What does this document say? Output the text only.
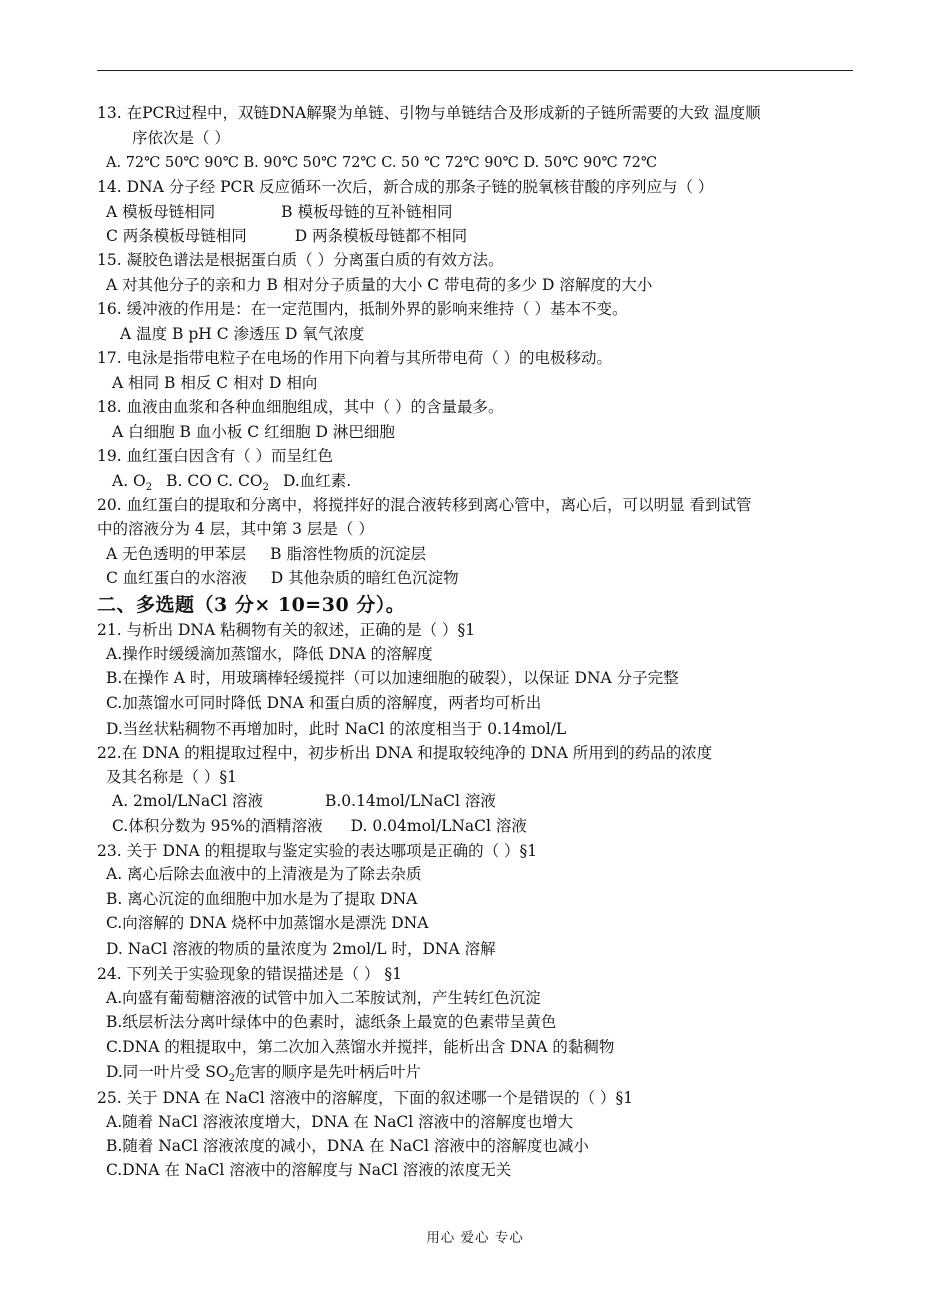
13. 在PCR过程中，双链DNA解聚为单链、引物与单链结合及形成新的子链所需要的大致 温度顺
序依次是（ ）
A. 72℃ 50℃ 90℃ B. 90℃ 50℃ 72℃ C. 50 ℃ 72℃ 90℃ D. 50℃ 90℃ 72℃
14. DNA 分子经 PCR 反应循环一次后，新合成的那条子链的脱氧核苷酸的序列应与（ ）
A 模板母链相同	B 模板母链的互补链相同
C 两条模板母链相同	D 两条模板母链都不相同
15. 凝胶色谱法是根据蛋白质（ ）分离蛋白质的有效方法。
A 对其他分子的亲和力 B 相对分子质量的大小 C 带电荷的多少 D 溶解度的大小
16. 缓冲液的作用是：在一定范围内，抵制外界的影响来维持（ ）基本不变。
A 温度 B pH C 渗透压 D 氧气浓度
17. 电泳是指带电粒子在电场的作用下向着与其所带电荷（ ）的电极移动。
A 相同 B 相反 C 相对 D 相向
18. 血液由血浆和各种血细胞组成，其中（ ）的含量最多。
A 白细胞 B 血小板 C 红细胞 D 淋巴细胞
19. 血红蛋白因含有（ ）而呈红色
A. $O_2$ B. CO C. $CO_2$ D.血红素.
20. 血红蛋白的提取和分离中，将搅拌好的混合液转移到离心管中，离心后，可以明显 看到试管
中的溶液分为 4 层，其中第 3 层是（ ）
A 无色透明的甲苯层 B 脂溶性物质的沉淀层
C 血红蛋白的水溶液 D 其他杂质的暗红色沉淀物
二、多选题（3 分× 10=30 分）。
21. 与析出 DNA 粘稠物有关的叙述，正确的是（ ）§1
A.操作时缓缓滴加蒸馏水，降低 DNA 的溶解度
B.在操作 A 时，用玻璃棒轻缓搅拌（可以加速细胞的破裂），以保证 DNA 分子完整
C.加蒸馏水可同时降低 DNA 和蛋白质的溶解度，两者均可析出
D.当丝状粘稠物不再增加时，此时 NaCl 的浓度相当于 0.14mol/L
22.在 DNA 的粗提取过程中，初步析出 DNA 和提取较纯净的 DNA 所用到的药品的浓度
及其名称是（ ）§1
A. 2mol/LNaCl 溶液	B.0.14mol/LNaCl 溶液
C.体积分数为 95%的酒精溶液 D. 0.04mol/LNaCl 溶液
23. 关于 DNA 的粗提取与鉴定实验的表达哪项是正确的（ ）§1
A. 离心后除去血液中的上清液是为了除去杂质
B. 离心沉淀的血细胞中加水是为了提取 DNA
C.向溶解的 DNA 烧杯中加蒸馏水是漂洗 DNA
D. NaCl 溶液的物质的量浓度为 2mol/L 时，DNA 溶解
24. 下列关于实验现象的错误描述是（ ） §1
A.向盛有葡萄糖溶液的试管中加入二苯胺试剂，产生转红色沉淀
B.纸层析法分离叶绿体中的色素时，滤纸条上最宽的色素带呈黄色
C.DNA 的粗提取中，第二次加入蒸馏水并搅拌，能析出含 DNA 的黏稠物
D.同一叶片受 $SO_2$危害的顺序是先叶柄后叶片
25. 关于 DNA 在 NaCl 溶液中的溶解度，下面的叙述哪一个是错误的（ ）§1
A.随着 NaCl 溶液浓度增大，DNA 在 NaCl 溶液中的溶解度也增大
B.随着 NaCl 溶液浓度的减小，DNA 在 NaCl 溶液中的溶解度也减小
C.DNA 在 NaCl 溶液中的溶解度与 NaCl 溶液的浓度无关
用心 爱心 专心
